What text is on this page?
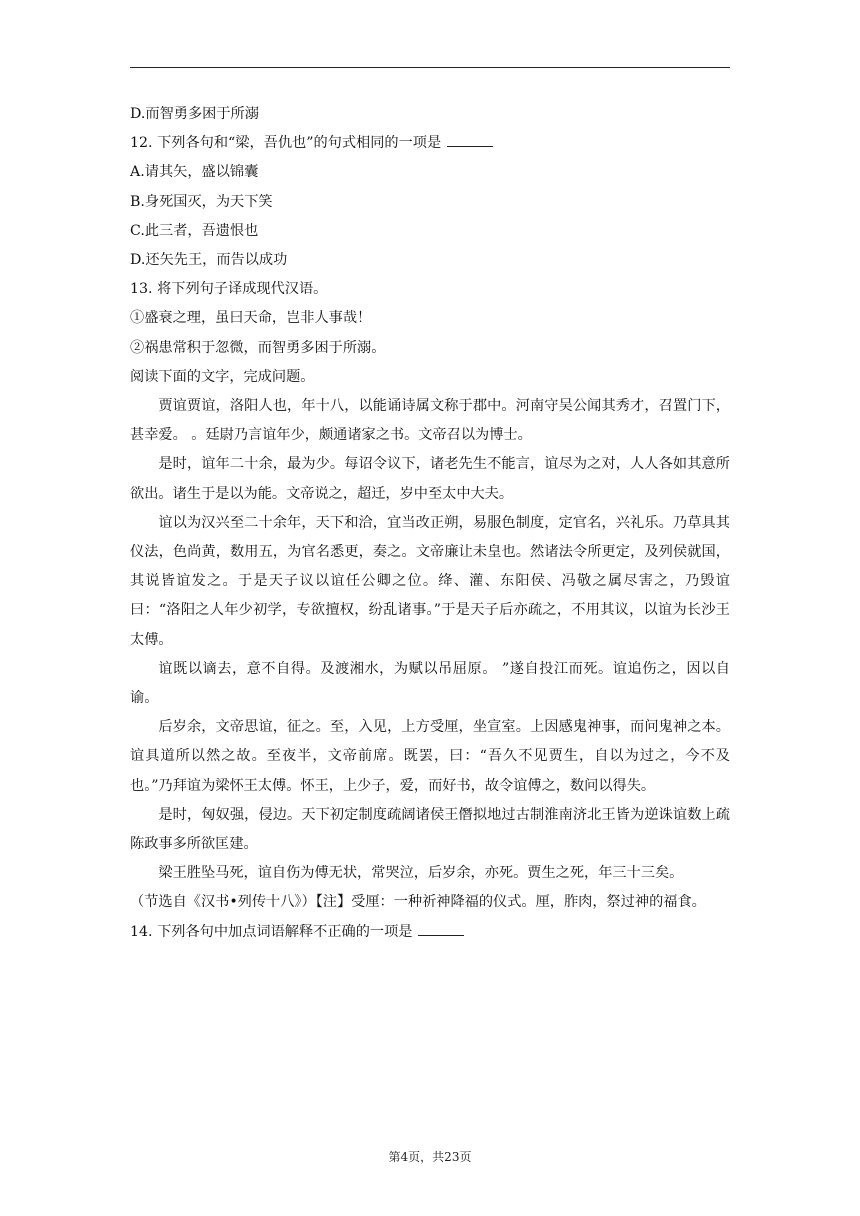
D.而智勇多困于所溺

12. 下列各句和“梁，吾仇也”的句式相同的一项是

A.请其矢，盛以锦囊

B.身死国灭，为天下笑

C.此三者，吾遗恨也

D.还矢先王，而告以成功

13. 将下列句子译成现代汉语。

①盛衰之理，虽曰天命，岂非人事哉！

②祸患常积于忽微，而智勇多困于所溺。

阅读下面的文字，完成问题。

贾谊贾谊，洛阳人也，年十八，以能诵诗属文称于郡中。河南守吴公闻其秀才，召置门下，甚幸爱。 。廷尉乃言谊年少，颇通诸家之书。文帝召以为博士。

是时，谊年二十余，最为少。每诏令议下，诸老先生不能言，谊尽为之对，人人各如其意所欲出。诸生于是以为能。文帝说之，超迁，岁中至太中大夫。

谊以为汉兴至二十余年，天下和洽，宜当改正朔，易服色制度，定官名，兴礼乐。乃草具其仪法，色尚黄，数用五，为官名悉更，奏之。文帝廉让未皇也。然诸法令所更定，及列侯就国，其说皆谊发之。于是天子议以谊任公卿之位。绛、灌、东阳侯、冯敬之属尽害之，乃毁谊曰：“洛阳之人年少初学，专欲擅权，纷乱诸事。”于是天子后亦疏之，不用其议，以谊为长沙王太傅。

谊既以谪去，意不自得。及渡湘水，为赋以吊屈原。 ”遂自投江而死。谊追伤之，因以自谕。

后岁余，文帝思谊，征之。至，入见，上方受厘，坐宣室。上因感鬼神事，而问鬼神之本。谊具道所以然之故。至夜半，文帝前席。既罢，曰：“吾久不见贾生，自以为过之，今不及也。”乃拜谊为梁怀王太傅。怀王，上少子，爱，而好书，故令谊傅之，数问以得失。

是时，匈奴强，侵边。天下初定制度疏阔诸侯王僭拟地过古制淮南济北王皆为逆诛谊数上疏陈政事多所欲匡建。

梁王胜坠马死，谊自伤为傅无状，常哭泣，后岁余，亦死。贾生之死，年三十三矣。

（节选自《汉书•列传十八》）【注】受厘：一种祈神降福的仪式。厘，胙肉，祭过神的福食。

14. 下列各句中加点词语解释不正确的一项是

第4页，共23页
